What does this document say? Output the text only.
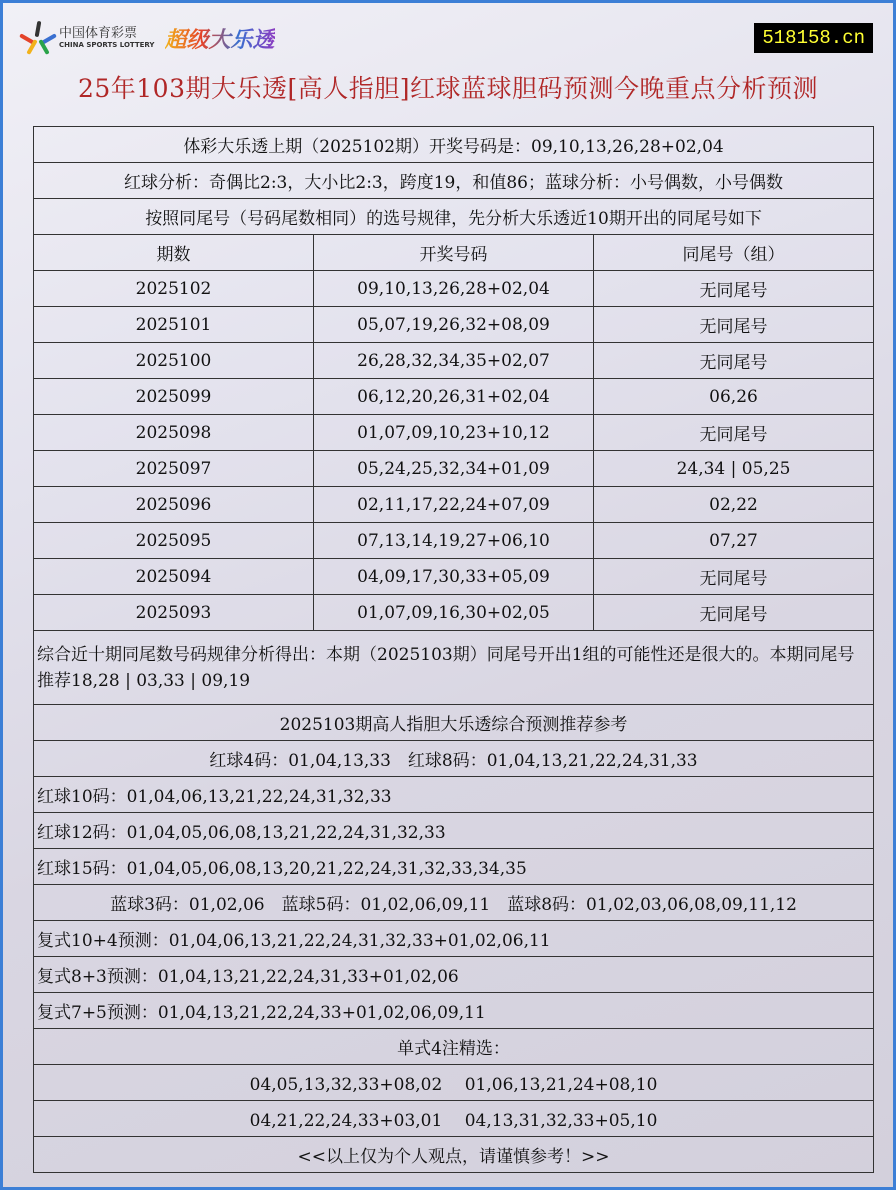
中国体育彩票
CHINA SPORTS LOTTERY 超级大乐透	518158.cn
25年103期大乐透[高人指胆]红球蓝球胆码预测今晚重点分析预测
体彩大乐透上期（2025102期）开奖号码是：09,10,13,26,28+02,04		
红球分析：奇偶比2:3，大小比2:3，跨度19，和值86；蓝球分析：小号偶数，小号偶数		
按照同尾号（号码尾数相同）的选号规律，先分析大乐透近10期开出的同尾号如下		
期数	开奖号码	同尾号（组）
2025102	09,10,13,26,28+02,04	无同尾号
2025101	05,07,19,26,32+08,09	无同尾号
2025100	26,28,32,34,35+02,07	无同尾号
2025099	06,12,20,26,31+02,04	06,26
2025098	01,07,09,10,23+10,12	无同尾号
2025097	05,24,25,32,34+01,09	24,34 | 05,25
2025096	02,11,17,22,24+07,09	02,22
2025095	07,13,14,19,27+06,10	07,27
2025094	04,09,17,30,33+05,09	无同尾号
2025093	01,07,09,16,30+02,05	无同尾号
综合近十期同尾数号码规律分析得出：本期（2025103期）同尾号开出1组的可能性还是很大的。本期同尾号推荐18,28 | 03,33 | 09,19		
2025103期高人指胆大乐透综合预测推荐参考		
红球4码：01,04,13,33　红球8码：01,04,13,21,22,24,31,33		
红球10码：01,04,06,13,21,22,24,31,32,33		
红球12码：01,04,05,06,08,13,21,22,24,31,32,33		
红球15码：01,04,05,06,08,13,20,21,22,24,31,32,33,34,35		
蓝球3码：01,02,06　蓝球5码：01,02,06,09,11　蓝球8码：01,02,03,06,08,09,11,12		
复式10+4预测：01,04,06,13,21,22,24,31,32,33+01,02,06,11		
复式8+3预测：01,04,13,21,22,24,31,33+01,02,06		
复式7+5预测：01,04,13,21,22,24,33+01,02,06,09,11		
单式4注精选：		
04,05,13,32,33+08,02　 01,06,13,21,24+08,10		
04,21,22,24,33+03,01　 04,13,31,32,33+05,10		
<<以上仅为个人观点，请谨慎参考！>>		
